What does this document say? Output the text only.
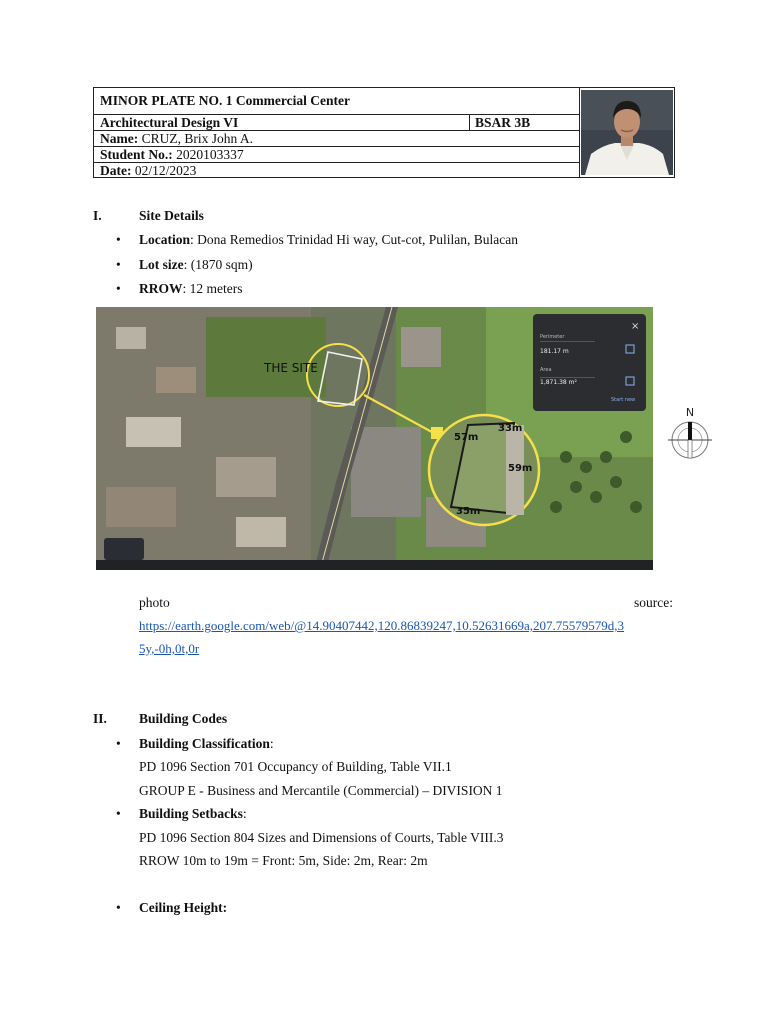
MINOR PLATE NO. 1 Commercial Center
Architectural Design VI	BSAR 3B
Name: CRUZ, Brix John A.
Student No.: 2020103337
Date: 02/12/2023
I.	Site Details
• Location: Dona Remedios Trinidad Hi way, Cut-cot, Pulilan, Bulacan
• Lot size: (1870 sqm)
• RROW: 12 meters
×
THE SITE
Perimeter
181.17 m
Area
1,871.38 m²
Start new
33m
57m
59m
35m
N
photo	source:
https://earth.google.com/web/@14.90407442,120.86839247,10.52631669a,207.75579579d,3
5y,-0h,0t,0r
II. Building Codes
• Building Classification:
PD 1096 Section 701 Occupancy of Building, Table VII.1
GROUP E - Business and Mercantile (Commercial) – DIVISION 1
• Building Setbacks:
PD 1096 Section 804 Sizes and Dimensions of Courts, Table VIII.3
RROW 10m to 19m = Front: 5m, Side: 2m, Rear: 2m
• Ceiling Height:
